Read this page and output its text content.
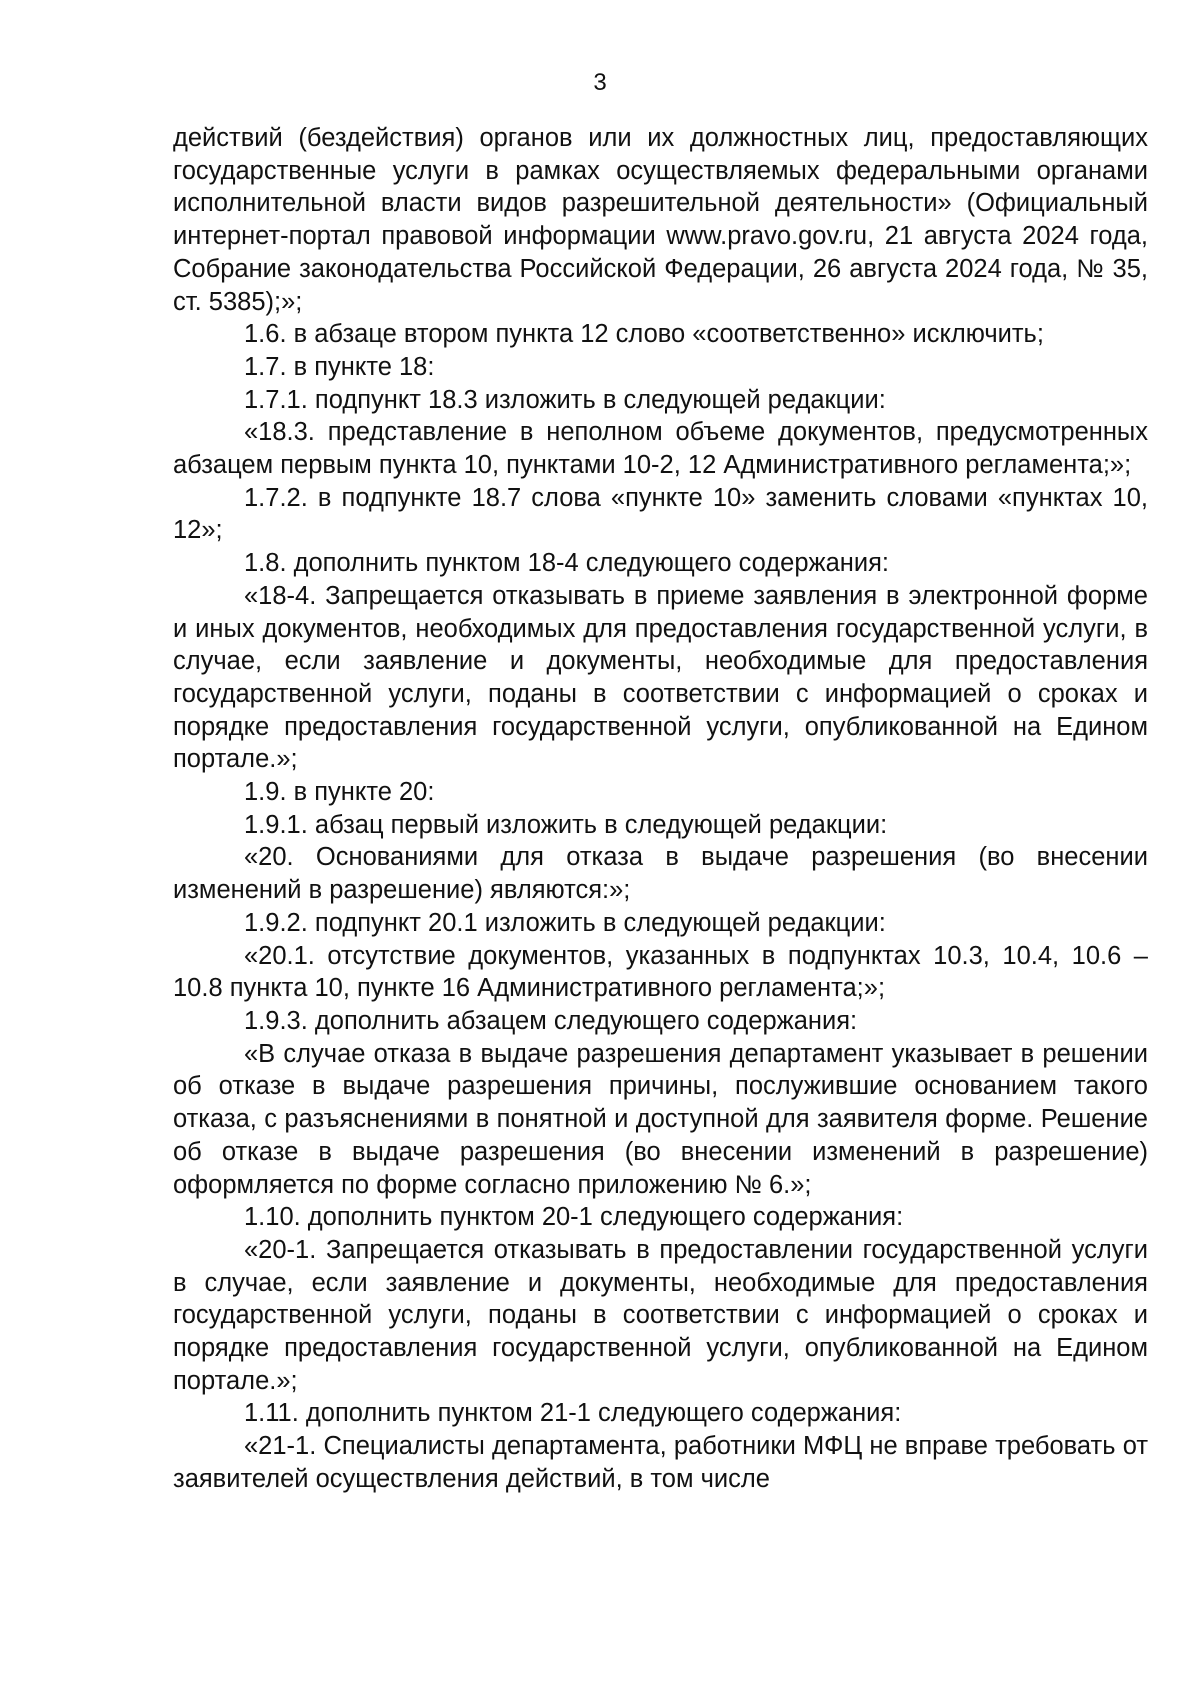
3

действий (бездействия) органов или их должностных лиц, предоставляющих государственные услуги в рамках осуществляемых федеральными органами исполнительной власти видов разрешительной деятельности» (Официальный интернет-портал правовой информации www.pravo.gov.ru, 21 августа 2024 года, Собрание законодательства Российской Федерации, 26 августа 2024 года, № 35, ст. 5385);»;

1.6. в абзаце втором пункта 12 слово «соответственно» исключить;

1.7. в пункте 18:

1.7.1. подпункт 18.3 изложить в следующей редакции:

«18.3. представление в неполном объеме документов, предусмотренных абзацем первым пункта 10, пунктами 10-2, 12 Административного регламента;»;

1.7.2. в подпункте 18.7 слова «пункте 10» заменить словами «пунктах 10, 12»;

1.8. дополнить пунктом 18-4 следующего содержания:

«18-4. Запрещается отказывать в приеме заявления в электронной форме и иных документов, необходимых для предоставления государственной услуги, в случае, если заявление и документы, необходимые для предоставления государственной услуги, поданы в соответствии с информацией о сроках и порядке предоставления государственной услуги, опубликованной на Едином портале.»;

1.9. в пункте 20:

1.9.1. абзац первый изложить в следующей редакции:

«20. Основаниями для отказа в выдаче разрешения (во внесении изменений в разрешение) являются:»;

1.9.2. подпункт 20.1 изложить в следующей редакции:

«20.1. отсутствие документов, указанных в подпунктах 10.3, 10.4, 10.6 – 10.8 пункта 10, пункте 16 Административного регламента;»;

1.9.3. дополнить абзацем следующего содержания:

«В случае отказа в выдаче разрешения департамент указывает в решении об отказе в выдаче разрешения причины, послужившие основанием такого отказа, с разъяснениями в понятной и доступной для заявителя форме. Решение об отказе в выдаче разрешения (во внесении изменений в разрешение) оформляется по форме согласно приложению № 6.»;

1.10. дополнить пунктом 20-1 следующего содержания:

«20-1. Запрещается отказывать в предоставлении государственной услуги в случае, если заявление и документы, необходимые для предоставления государственной услуги, поданы в соответствии с информацией о сроках и порядке предоставления государственной услуги, опубликованной на Едином портале.»;

1.11. дополнить пунктом 21-1 следующего содержания:

«21-1. Специалисты департамента, работники МФЦ не вправе требовать от заявителей осуществления действий, в том числе
